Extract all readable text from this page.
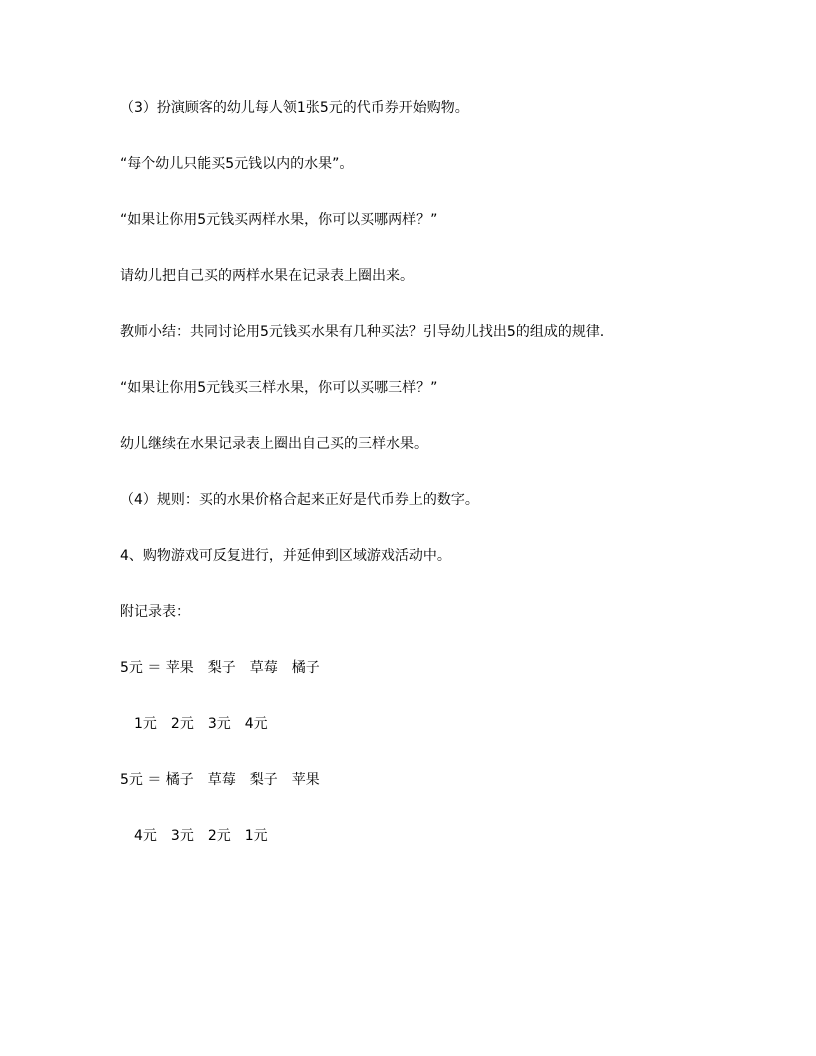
（3）扮演顾客的幼儿每人领1张5元的代币券开始购物。

“每个幼儿只能买5元钱以内的水果”。

“如果让你用5元钱买两样水果，你可以买哪两样？”

请幼儿把自己买的两样水果在记录表上圈出来。

教师小结：共同讨论用5元钱买水果有几种买法？引导幼儿找出5的组成的规律.

“如果让你用5元钱买三样水果，你可以买哪三样？”

幼儿继续在水果记录表上圈出自己买的三样水果。

（4）规则：买的水果价格合起来正好是代币券上的数字。

4、购物游戏可反复进行，并延伸到区域游戏活动中。

附记录表：

5元 ＝ 苹果　梨子　草莓　橘子

　1元　2元　3元　4元

5元 ＝ 橘子　草莓　梨子　苹果

　4元　3元　2元　1元
